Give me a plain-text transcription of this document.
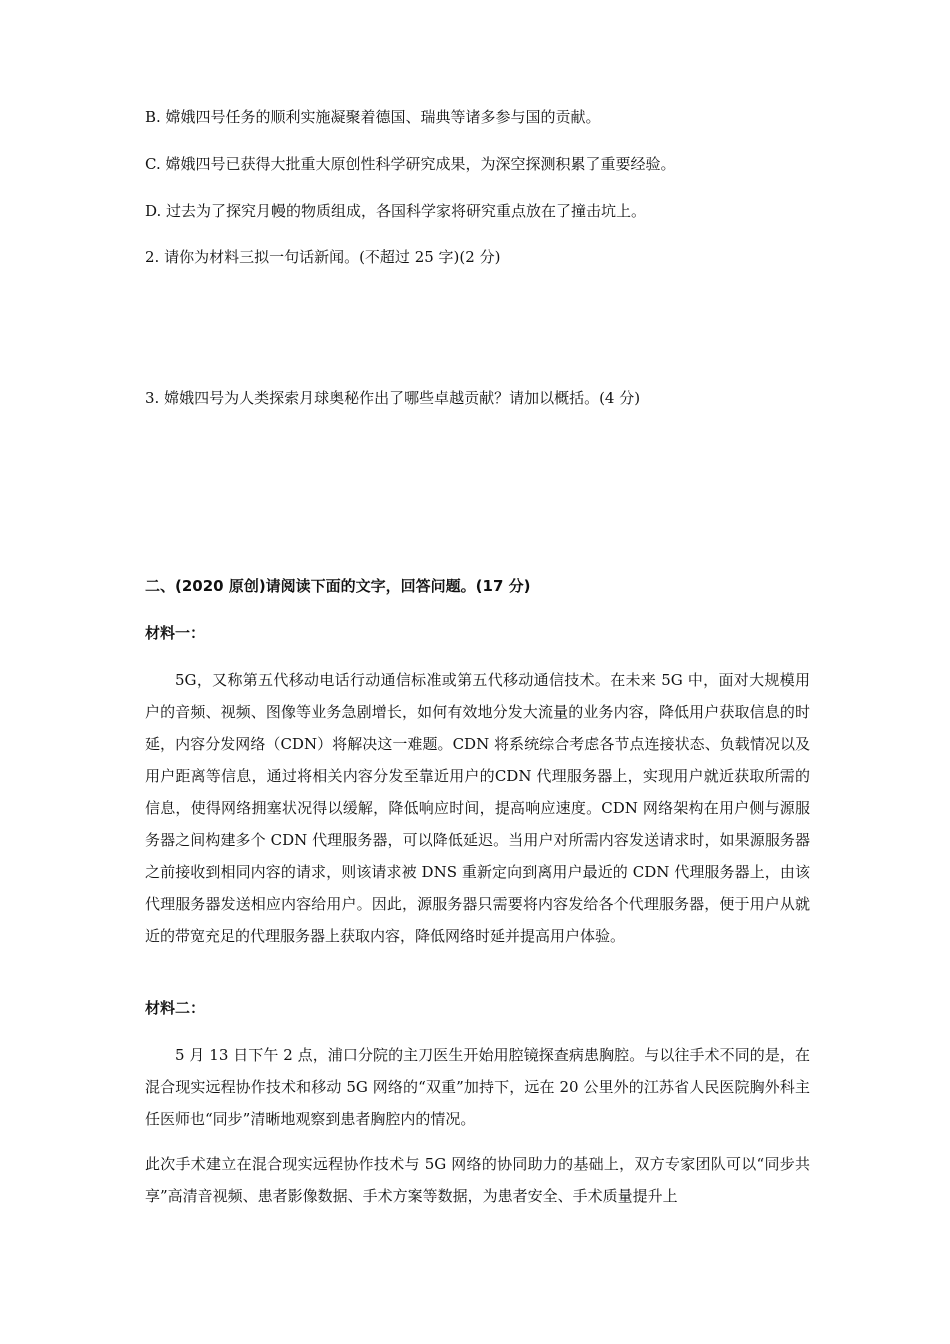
B. 嫦娥四号任务的顺利实施凝聚着德国、瑞典等诸多参与国的贡献。
C. 嫦娥四号已获得大批重大原创性科学研究成果，为深空探测积累了重要经验。
D. 过去为了探究月幔的物质组成，各国科学家将研究重点放在了撞击坑上。
2. 请你为材料三拟一句话新闻。(不超过 25 字)(2 分)
3. 嫦娥四号为人类探索月球奥秘作出了哪些卓越贡献？请加以概括。(4 分)
二、(2020 原创)请阅读下面的文字，回答问题。(17 分)
材料一：
5G，又称第五代移动电话行动通信标准或第五代移动通信技术。在未来 5G 中，面对大规模用户的音频、视频、图像等业务急剧增长，如何有效地分发大流量的业务内容，降低用户获取信息的时延，内容分发网络（CDN）将解决这一难题。CDN 将系统综合考虑各节点连接状态、负载情况以及用户距离等信息，通过将相关内容分发至靠近用户的CDN 代理服务器上，实现用户就近获取所需的信息，使得网络拥塞状况得以缓解，降低响应时间，提高响应速度。CDN 网络架构在用户侧与源服务器之间构建多个 CDN 代理服务器，可以降低延迟。当用户对所需内容发送请求时，如果源服务器之前接收到相同内容的请求，则该请求被 DNS 重新定向到离用户最近的 CDN 代理服务器上，由该代理服务器发送相应内容给用户。因此，源服务器只需要将内容发给各个代理服务器，便于用户从就近的带宽充足的代理服务器上获取内容，降低网络时延并提高用户体验。
材料二：
5 月 13 日下午 2 点，浦口分院的主刀医生开始用腔镜探查病患胸腔。与以往手术不同的是，在混合现实远程协作技术和移动 5G 网络的“双重”加持下，远在 20 公里外的江苏省人民医院胸外科主任医师也“同步”清晰地观察到患者胸腔内的情况。
此次手术建立在混合现实远程协作技术与 5G 网络的协同助力的基础上，双方专家团队可以“同步共享”高清音视频、患者影像数据、手术方案等数据，为患者安全、手术质量提升上
